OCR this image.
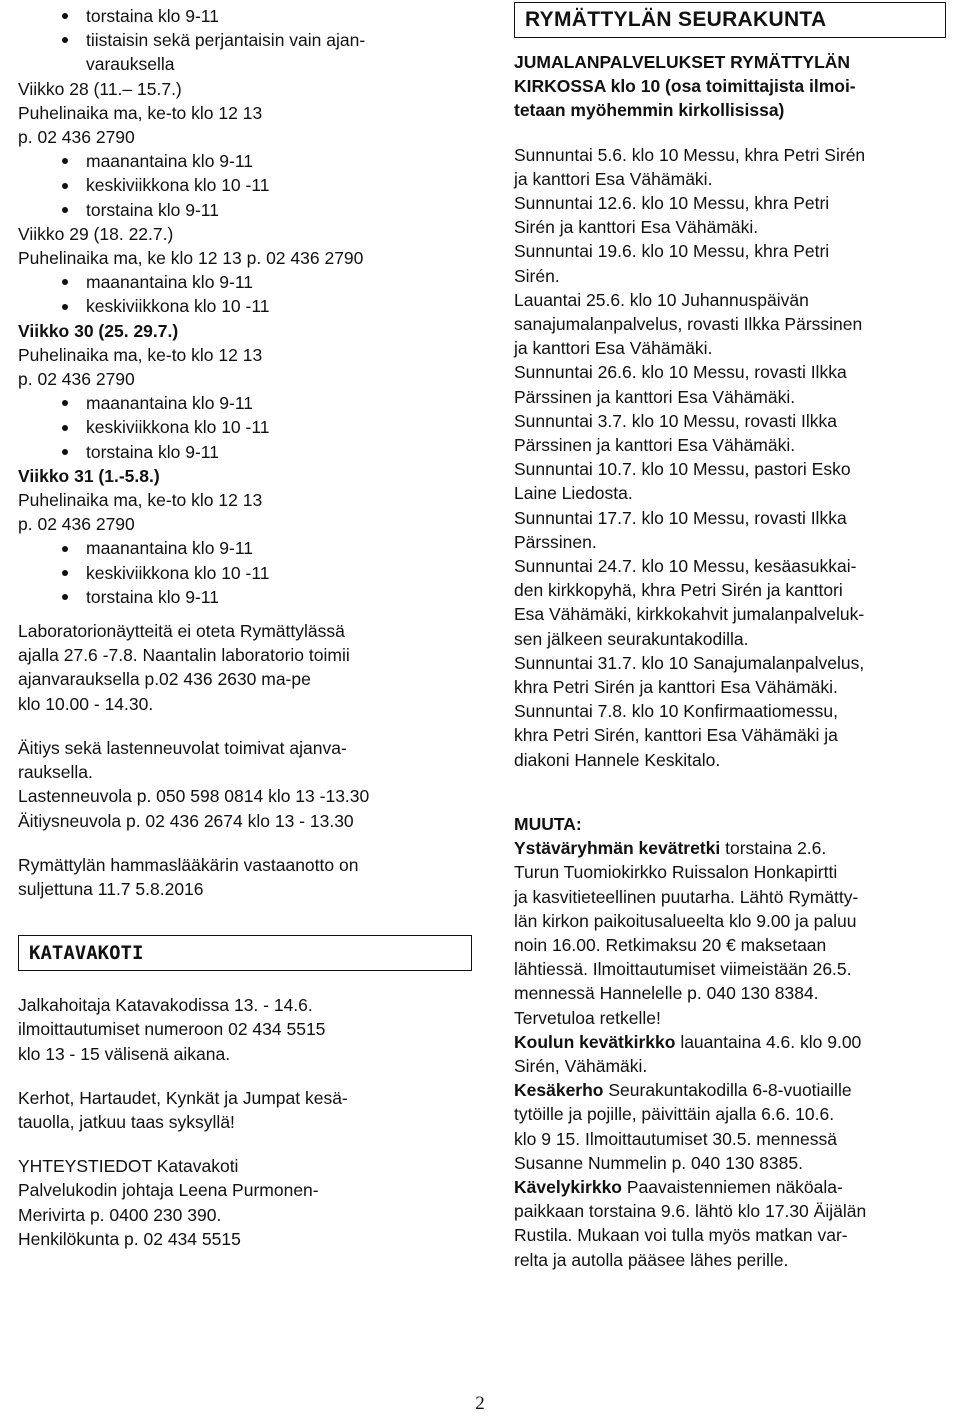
torstaina klo 9-11
tiistaisin sekä perjantaisin vain ajan-
varauksella
Viikko 28 (11.– 15.7.)
Puhelinaika ma, ke-to klo 12 13
p. 02 436 2790
maanantaina klo 9-11
keskiviikkona klo 10 -11
torstaina klo 9-11
Viikko 29 (18. 22.7.)
Puhelinaika ma, ke klo 12 13 p. 02 436 2790
maanantaina klo 9-11
keskiviikkona klo 10 -11
Viikko 30 (25. 29.7.)
Puhelinaika ma, ke-to klo 12 13
p. 02 436 2790
maanantaina klo 9-11
keskiviikkona klo 10 -11
torstaina klo 9-11
Viikko 31 (1.-5.8.)
Puhelinaika ma, ke-to klo 12 13
p. 02 436 2790
maanantaina klo 9-11
keskiviikkona klo 10 -11
torstaina klo 9-11
Laboratorionäytteitä ei oteta Rymättylässä
ajalla 27.6 -7.8. Naantalin laboratorio toimii
ajanvarauksella p.02 436 2630 ma-pe
klo 10.00 - 14.30.
Äitiys sekä lastenneuvolat toimivat ajanva-
rauksella.
Lastenneuvola p. 050 598 0814 klo 13 -13.30
Äitiysneuvola p. 02 436 2674 klo 13 - 13.30
Rymättylän hammaslääkärin vastaanotto on
suljettuna 11.7 5.8.2016
KATAVAKOTI
Jalkahoitaja Katavakodissa 13. - 14.6.
ilmoittautumiset numeroon 02 434 5515
klo 13 - 15 välisenä aikana.
Kerhot, Hartaudet, Kynkät ja Jumpat kesä-
tauolla, jatkuu taas syksyllä!
YHTEYSTIEDOT Katavakoti
Palvelukodin johtaja Leena Purmonen-
Merivirta p. 0400 230 390.
Henkilökunta p. 02 434 5515
RYMÄTTYLÄN SEURAKUNTA
JUMALANPALVELUKSET RYMÄTTYLÄN
KIRKOSSA klo 10 (osa toimittajista ilmoi-
tetaan myöhemmin kirkollisissa)
Sunnuntai 5.6. klo 10 Messu, khra Petri Sirén
ja kanttori Esa Vähämäki.
Sunnuntai 12.6. klo 10 Messu, khra Petri
Sirén ja kanttori Esa Vähämäki.
Sunnuntai 19.6. klo 10 Messu, khra Petri
Sirén.
Lauantai 25.6. klo 10 Juhannuspäivän
sanajumalanpalvelus, rovasti Ilkka Pärssinen
ja kanttori Esa Vähämäki.
Sunnuntai 26.6. klo 10 Messu, rovasti Ilkka
Pärssinen ja kanttori Esa Vähämäki.
Sunnuntai 3.7. klo 10 Messu, rovasti Ilkka
Pärssinen ja kanttori Esa Vähämäki.
Sunnuntai 10.7. klo 10 Messu, pastori Esko
Laine Liedosta.
Sunnuntai 17.7. klo 10 Messu, rovasti Ilkka
Pärssinen.
Sunnuntai 24.7. klo 10 Messu, kesäasukkai-
den kirkkopyhä, khra Petri Sirén ja kanttori
Esa Vähämäki, kirkkokahvit jumalanpalveluk-
sen jälkeen seurakuntakodilla.
Sunnuntai 31.7. klo 10 Sanajumalanpalvelus,
khra Petri Sirén ja kanttori Esa Vähämäki.
Sunnuntai 7.8. klo 10 Konfirmaatiomessu,
khra Petri Sirén, kanttori Esa Vähämäki ja
diakoni Hannele Keskitalo.
MUUTA:
Ystäväryhmän kevätretki torstaina 2.6.
Turun Tuomiokirkko Ruissalon Honkapirtti
ja kasvitieteellinen puutarha. Lähtö Rymätty-
län kirkon paikoitusalueelta klo 9.00 ja paluu
noin 16.00. Retkimaksu 20 € maksetaan
lähtiessä. Ilmoittautumiset viimeistään 26.5.
mennessä Hannelelle p. 040 130 8384.
Tervetuloa retkelle!
Koulun kevätkirkko lauantaina 4.6. klo 9.00
Sirén, Vähämäki.
Kesäkerho Seurakuntakodilla 6-8-vuotiaille
tytöille ja pojille, päivittäin ajalla 6.6. 10.6.
klo 9 15. Ilmoittautumiset 30.5. mennessä
Susanne Nummelin p. 040 130 8385.
Kävelykirkko Paavaistenniemen näköala-
paikkaan torstaina 9.6. lähtö klo 17.30 Äijälän
Rustila. Mukaan voi tulla myös matkan var-
relta ja autolla pääsee lähes perille.
2
